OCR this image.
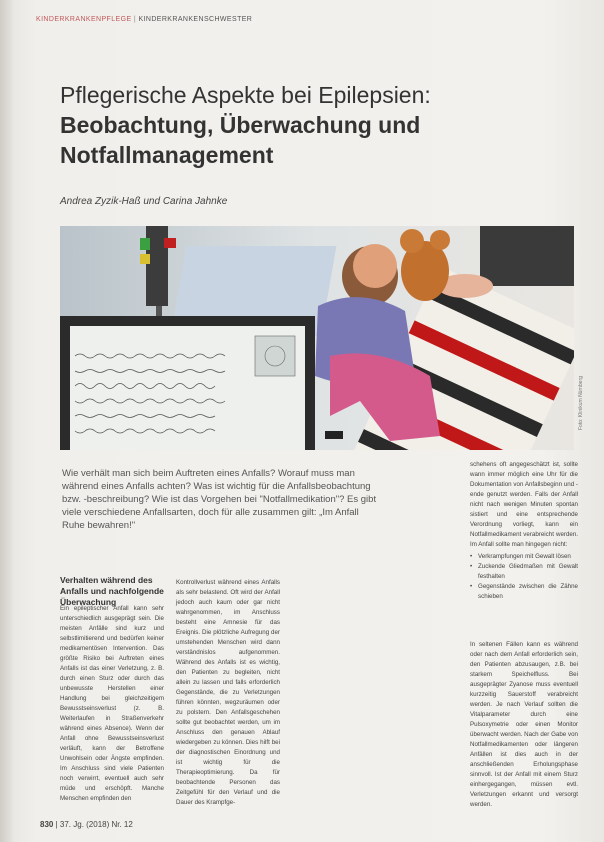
KINDERKRANKENPFLEGE | KINDERKRANKENSCHWESTER
Pflegerische Aspekte bei Epilepsien:
Beobachtung, Überwachung und
Notfallmanagement
Andrea Zyzik-Haß und Carina Jahnke
Foto: Klinikum Nürnberg

Wie verhält man sich beim Auftreten eines Anfalls? Worauf muss man während eines Anfalls achten? Was ist wichtig für die Anfallsbeobachtung bzw. -beschreibung? Wie ist das Vorgehen bei "Notfallmedikation"? Es gibt viele verschiedene Anfallsarten, doch für alle zusammen gilt: „Im Anfall Ruhe bewahren!"

Verhalten während des Anfalls und nachfolgende Überwachung

Ein epileptischer Anfall kann sehr unterschiedlich ausgeprägt sein. Die meisten Anfälle sind kurz und selbstlimitierend und bedürfen keiner medikamentösen Intervention. Das größte Risiko bei Auftreten eines Anfalls ist das einer Verletzung, z. B. durch einen Sturz oder durch das unbewusste Herstellen einer Handlung bei gleichzeitigem Bewusstseinsverlust (z. B. Weiterlaufen in Straßenverkehr während eines Absence). Wenn der Anfall ohne Bewusstseinsverlust verläuft, kann der Betroffene Unwohlsein oder Ängste empfinden. Im Anschluss sind viele Patienten noch verwirrt, eventuell auch sehr müde und erschöpft. Manche Menschen empfinden den

Kontrollverlust während eines Anfalls als sehr belastend. Oft wird der Anfall jedoch auch kaum oder gar nicht wahrgenommen, im Anschluss besteht eine Amnesie für das Ereignis. Die plötzliche Aufregung der umstehenden Menschen wird dann verständnislos aufgenommen. Während des Anfalls ist es wichtig, den Patienten zu begleiten, nicht allein zu lassen und falls erforderlich Gegenstände, die zu Verletzungen führen könnten, wegzuräumen oder zu polstern. Den Anfallsgeschehen sollte gut beobachtet werden, um im Anschluss den genauen Ablauf wiedergeben zu können. Dies hilft bei der diagnostischen Einordnung und ist wichtig für die Therapieoptimierung. Da für beobachtende Personen das Zeitgefühl für den Verlauf und die Dauer des Krampfge-

schehens oft angegeschätzt ist, sollte wann immer möglich eine Uhr für die Dokumentation von Anfallsbeginn und -ende genutzt werden. Falls der Anfall nicht nach wenigen Minuten spontan sistiert und eine entsprechende Verordnung vorliegt, kann ein Notfallmedikament verabreicht werden. Im Anfall sollte man hingegen nicht:

• Verkrampfungen mit Gewalt lösen
• Zuckende Gliedmaßen mit Gewalt festhalten
• Gegenstände zwischen die Zähne schieben

In seltenen Fällen kann es während oder nach dem Anfall erforderlich sein, den Patienten abzusaugen, z.B. bei starkem Speichelfluss. Bei ausgeprägter Zyanose muss eventuell kurzzeitig Sauerstoff verabreicht werden. Je nach Verlauf sollten die Vitalparameter durch eine Pulsoxymetrie oder einen Monitor überwacht werden. Nach der Gabe von Notfallmedikamenten oder längeren Anfällen ist dies auch in der anschließenden Erholungsphase sinnvoll. Ist der Anfall mit einem Sturz einhergegangen, müssen evtl. Verletzungen erkannt und versorgt werden.

830 | 37. Jg. (2018) Nr. 12
